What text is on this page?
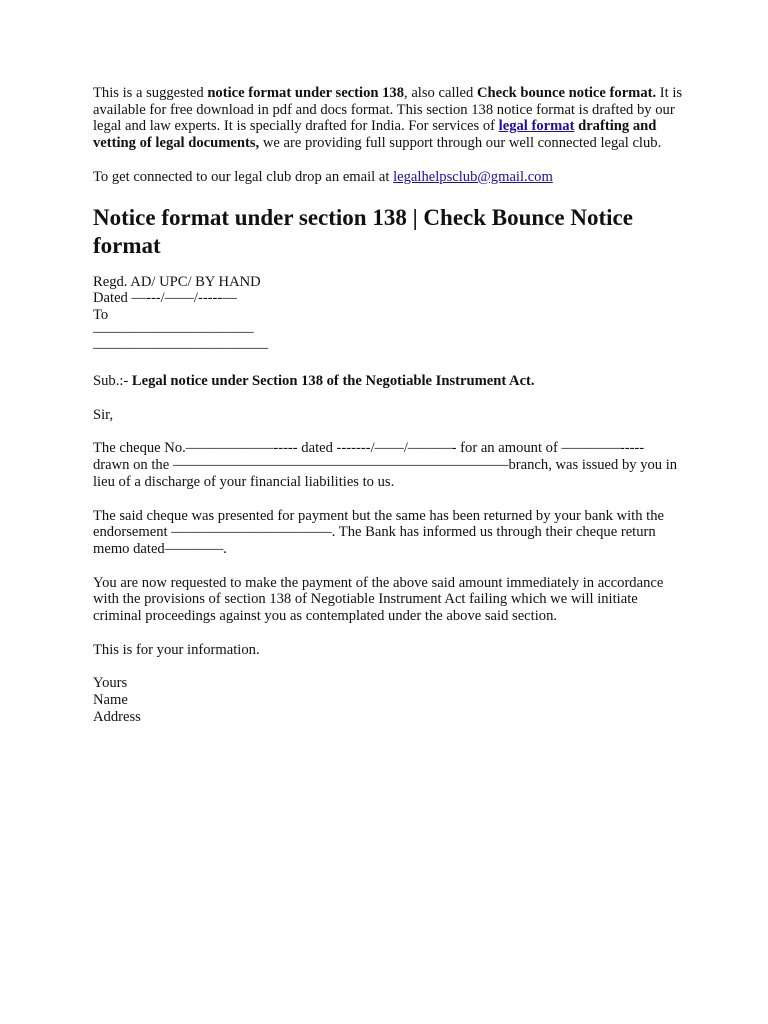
This is a suggested notice format under section 138, also called Check bounce notice format. It is available for free download in pdf and docs format. This section 138 notice format is drafted by our legal and law experts. It is specially drafted for India. For services of legal format drafting and vetting of legal documents, we are providing full support through our well connected legal club.

To get connected to our legal club drop an email at legalhelpsclub@gmail.com

Notice format under section 138 | Check Bounce Notice format

Regd. AD/ UPC/ BY HAND
Dated —---/——/-----—
To
———————————
————————————

Sub.:- Legal notice under Section 138 of the Negotiable Instrument Act.

Sir,

The cheque No.——————----- dated -------/——/———- for an amount of ————----- drawn on the ———————————————————————branch, was issued by you in lieu of a discharge of your financial liabilities to us.

The said cheque was presented for payment but the same has been returned by your bank with the endorsement ———————————. The Bank has informed us through their cheque return memo dated————.

You are now requested to make the payment of the above said amount immediately in accordance with the provisions of section 138 of Negotiable Instrument Act failing which we will initiate criminal proceedings against you as contemplated under the above said section.

This is for your information.

Yours
Name
Address
